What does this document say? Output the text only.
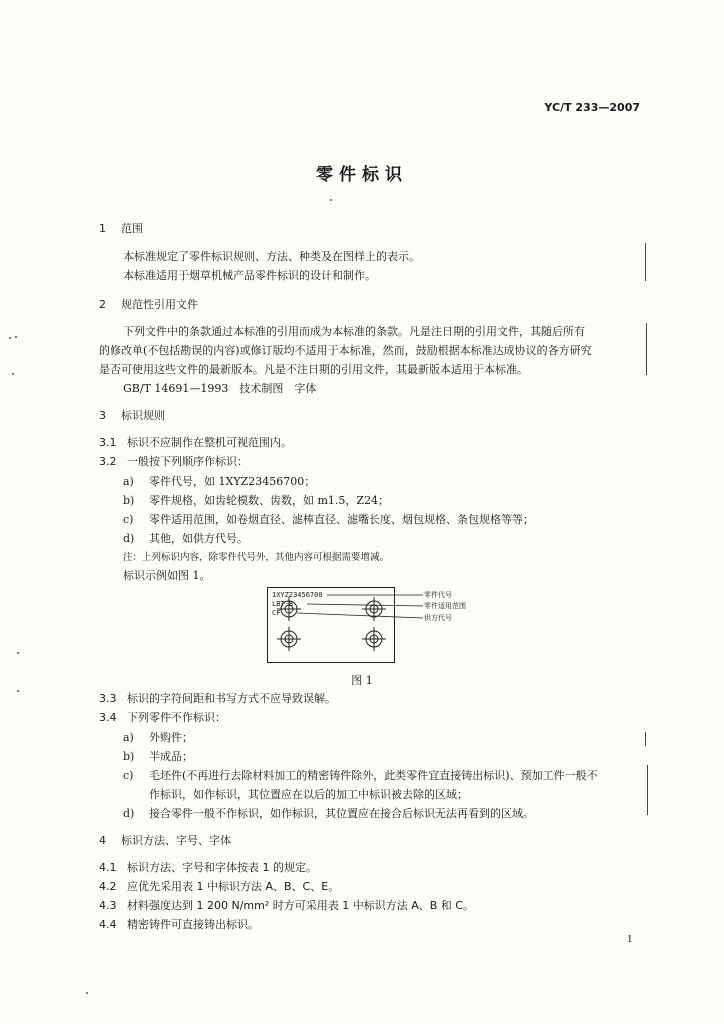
YC/T 233—2007
零件标识
1 范围
本标准规定了零件标识规则、方法、种类及在图样上的表示。
本标准适用于烟草机械产品零件标识的设计和制作。
2 规范性引用文件
下列文件中的条款通过本标准的引用而成为本标准的条款。凡是注日期的引用文件，其随后所有
的修改单(不包括勘误的内容)或修订版均不适用于本标准，然而，鼓励根据本标准达成协议的各方研究
是否可使用这些文件的最新版本。凡是不注日期的引用文件，其最新版本适用于本标准。
GB/T 14691—1993　技术制图　字体
3 标识规则
3.1 标识不应制作在整机可视范围内。
3.2 一般按下列顺序作标识：
a) 零件代号，如 1XYZ23456700；
b) 零件规格，如齿轮模数、齿数，如 m1.5，Z24；
c) 零件适用范围，如卷烟直径、滤棒直径、滤嘴长度、烟包规格、条包规格等等；
d) 其他，如供方代号。
注：上列标识内容，除零件代号外，其他内容可根据需要增减。
标识示例如图 1。
1XYZ23456700
LBT-8
CF
零件代号
零件适用范围
供方代号
图 1
3.3 标识的字符间距和书写方式不应导致误解。
3.4 下列零件不作标识：
a) 外购件；
b) 半成品；
c) 毛坯件(不再进行去除材料加工的精密铸件除外，此类零件宜直接铸出标识)、预加工件一般不
作标识，如作标识，其位置应在以后的加工中标识被去除的区域；
d) 接合零件一般不作标识，如作标识，其位置应在接合后标识无法再看到的区域。
4 标识方法、字号、字体
4.1 标识方法、字号和字体按表 1 的规定。
4.2 应优先采用表 1 中标识方法 A、B、C、E。
4.3 材料强度达到 1 200 N/mm² 时方可采用表 1 中标识方法 A、B 和 C。
4.4 精密铸件可直接铸出标识。
1
